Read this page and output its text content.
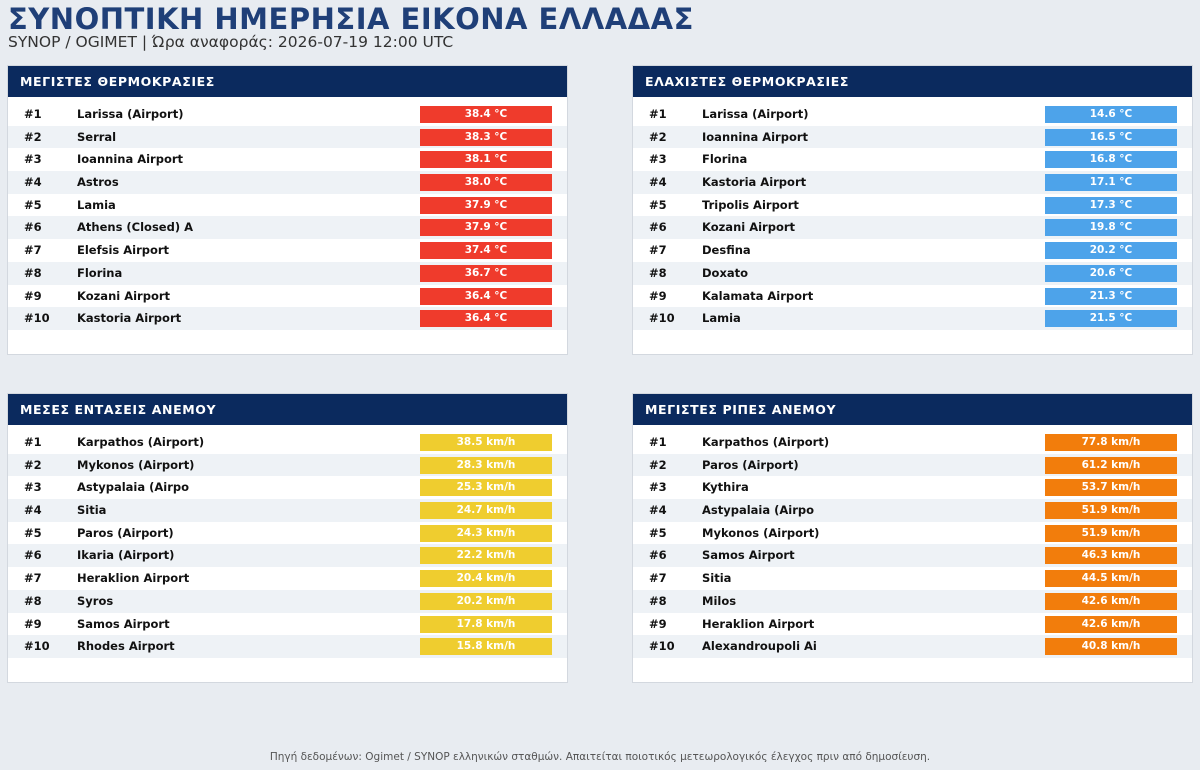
ΣΥΝΟΠΤΙΚΗ ΗΜΕΡΗΣΙΑ ΕΙΚΟΝΑ ΕΛΛΑΔΑΣ
SYNOP / OGIMET | Ώρα αναφοράς: 2026-07-19 12:00 UTC
ΜΕΓΙΣΤΕΣ ΘΕΡΜΟΚΡΑΣΙΕΣ
#1	Larissa (Airport)	38.4 °C
#2	Serral	38.3 °C
#3	Ioannina Airport	38.1 °C
#4	Astros	38.0 °C
#5	Lamia	37.9 °C
#6	Athens (Closed) A	37.9 °C
#7	Elefsis Airport	37.4 °C
#8	Florina	36.7 °C
#9	Kozani Airport	36.4 °C
#10 Kastoria Airport	36.4 °C
ΕΛΑΧΙΣΤΕΣ ΘΕΡΜΟΚΡΑΣΙΕΣ
#1	Larissa (Airport)	14.6 °C
#2	Ioannina Airport	16.5 °C
#3	Florina	16.8 °C
#4	Kastoria Airport	17.1 °C
#5	Tripolis Airport	17.3 °C
#6	Kozani Airport	19.8 °C
#7	Desfina	20.2 °C
#8	Doxato	20.6 °C
#9	Kalamata Airport	21.3 °C
#10 Lamia	21.5 °C
ΜΕΣΕΣ ΕΝΤΑΣΕΙΣ ΑΝΕΜΟΥ
#1	Karpathos (Airport)	38.5 km/h
#2	Mykonos (Airport)	28.3 km/h
#3	Astypalaia (Airpo	25.3 km/h
#4	Sitia	24.7 km/h
#5	Paros (Airport)	24.3 km/h
#6	Ikaria (Airport)	22.2 km/h
#7	Heraklion Airport	20.4 km/h
#8	Syros	20.2 km/h
#9	Samos Airport	17.8 km/h
#10 Rhodes Airport	15.8 km/h
ΜΕΓΙΣΤΕΣ ΡΙΠΕΣ ΑΝΕΜΟΥ
#1	Karpathos (Airport)	77.8 km/h
#2	Paros (Airport)	61.2 km/h
#3	Kythira	53.7 km/h
#4	Astypalaia (Airpo	51.9 km/h
#5	Mykonos (Airport)	51.9 km/h
#6	Samos Airport	46.3 km/h
#7	Sitia	44.5 km/h
#8	Milos	42.6 km/h
#9	Heraklion Airport	42.6 km/h
#10 Alexandroupoli Ai	40.8 km/h
Πηγή δεδομένων: Ogimet / SYNOP ελληνικών σταθμών. Απαιτείται ποιοτικός μετεωρολογικός έλεγχος πριν από δημοσίευση.
